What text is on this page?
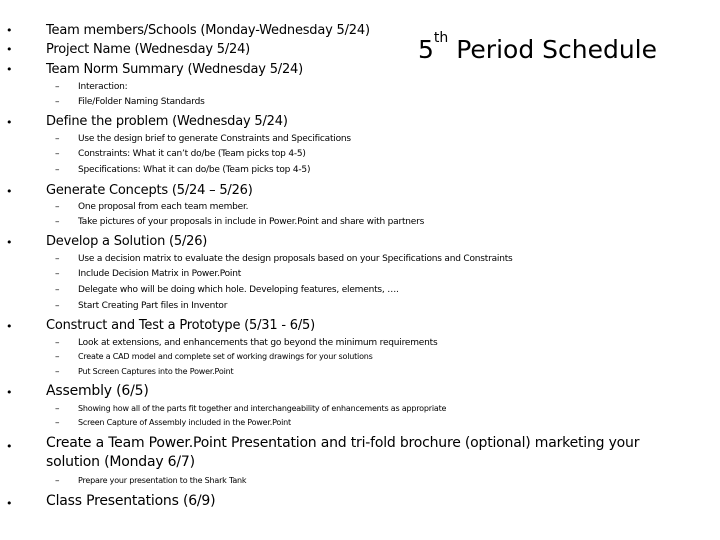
5th Period Schedule
•	Team members/Schools (Monday-Wednesday 5/24)
•	Project Name (Wednesday 5/24)
•	Team Norm Summary (Wednesday 5/24)
– Interaction:
– File/Folder Naming Standards
•	Define the problem (Wednesday 5/24)
– Use the design brief to generate Constraints and Specifications
– Constraints: What it can’t do/be (Team picks top 4-5)
– Specifications: What it can do/be (Team picks top 4-5)
•	Generate Concepts (5/24 – 5/26)
– One proposal from each team member.
– Take pictures of your proposals in include in Power.Point and share with partners
•	Develop a Solution (5/26)
– Use a decision matrix to evaluate the design proposals based on your Specifications and Constraints
– Include Decision Matrix in Power.Point
– Delegate who will be doing which hole. Developing features, elements, ….
– Start Creating Part files in Inventor
•	Construct and Test a Prototype (5/31 - 6/5)
– Look at extensions, and enhancements that go beyond the minimum requirements
– Create a CAD model and complete set of working drawings for your solutions
– Put Screen Captures into the Power.Point
• Assembly (6/5)
– Showing how all of the parts fit together and interchangeability of enhancements as appropriate
– Screen Capture of Assembly included in the Power.Point
• Create a Team Power.Point Presentation and tri-fold brochure (optional) marketing your solution (Monday 6/7)
– Prepare your presentation to the Shark Tank
• Class Presentations (6/9)
